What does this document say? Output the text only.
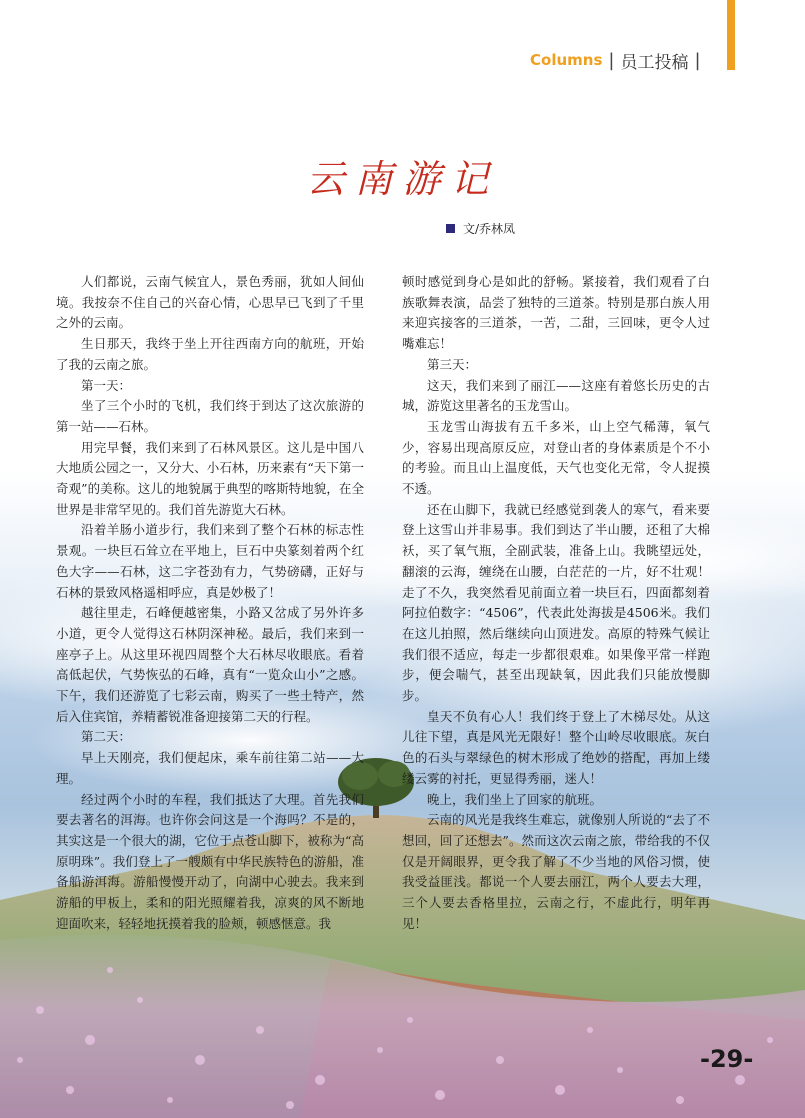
Columns | 员工投稿 |
云南游记
文/乔林凤

人们都说，云南气候宜人，景色秀丽，犹如人间仙境。我按奈不住自己的兴奋心情，心思早已飞到了千里之外的云南。

生日那天，我终于坐上开往西南方向的航班，开始了我的云南之旅。

第一天：

坐了三个小时的飞机，我们终于到达了这次旅游的第一站——石林。

用完早餐，我们来到了石林风景区。这儿是中国八大地质公园之一，又分大、小石林，历来素有“天下第一奇观”的美称。这儿的地貌属于典型的喀斯特地貌，在全世界是非常罕见的。我们首先游览大石林。

沿着羊肠小道步行，我们来到了整个石林的标志性景观。一块巨石耸立在平地上，巨石中央篆刻着两个红色大字——石林，这二字苍劲有力，气势磅礴，正好与石林的景致风格遥相呼应，真是妙极了！

越往里走，石峰便越密集，小路又岔成了另外许多小道，更令人觉得这石林阴深神秘。最后，我们来到一座亭子上。从这里环视四周整个大石林尽收眼底。看着高低起伏，气势恢弘的石峰，真有“一览众山小”之感。下午，我们还游览了七彩云南，购买了一些土特产，然后入住宾馆，养精蓄锐准备迎接第二天的行程。

第二天：

早上天刚亮，我们便起床，乘车前往第二站——大理。

经过两个小时的车程，我们抵达了大理。首先我们要去著名的洱海。也许你会问这是一个海吗？不是的，其实这是一个很大的湖，它位于点苍山脚下，被称为“高原明珠”。我们登上了一艘颇有中华民族特色的游船，准备船游洱海。游船慢慢开动了，向湖中心驶去。我来到游船的甲板上，柔和的阳光照耀着我，凉爽的风不断地迎面吹来，轻轻地抚摸着我的脸颊，顿感惬意。我

顿时感觉到身心是如此的舒畅。紧接着，我们观看了白族歌舞表演，品尝了独特的三道茶。特别是那白族人用来迎宾接客的三道茶，一苦，二甜，三回味，更令人过嘴难忘！

第三天：

这天，我们来到了丽江——这座有着悠长历史的古城，游览这里著名的玉龙雪山。

玉龙雪山海拔有五千多米，山上空气稀薄，氧气少，容易出现高原反应，对登山者的身体素质是个不小的考验。而且山上温度低，天气也变化无常，令人捉摸不透。

还在山脚下，我就已经感觉到袭人的寒气，看来要登上这雪山并非易事。我们到达了半山腰，还租了大棉袄，买了氧气瓶，全副武装，准备上山。我眺望远处，翻滚的云海，缠绕在山腰，白茫茫的一片，好不壮观！走了不久，我突然看见前面立着一块巨石，四面都刻着阿拉伯数字：“4506”，代表此处海拔是4506米。我们在这儿拍照，然后继续向山顶进发。高原的特殊气候让我们很不适应，每走一步都很艰难。如果像平常一样跑步，便会喘气，甚至出现缺氧，因此我们只能放慢脚步。

皇天不负有心人！我们终于登上了木梯尽处。从这儿往下望，真是风光无限好！整个山岭尽收眼底。灰白色的石头与翠绿色的树木形成了绝妙的搭配，再加上缕缕云雾的衬托，更显得秀丽，迷人！

晚上，我们坐上了回家的航班。

云南的风光是我终生难忘，就像别人所说的“去了不想回，回了还想去”。然而这次云南之旅，带给我的不仅仅是开阔眼界，更令我了解了不少当地的风俗习惯，使我受益匪浅。都说一个人要去丽江，两个人要去大理，三个人要去香格里拉，云南之行，不虚此行，明年再见！

-29-
